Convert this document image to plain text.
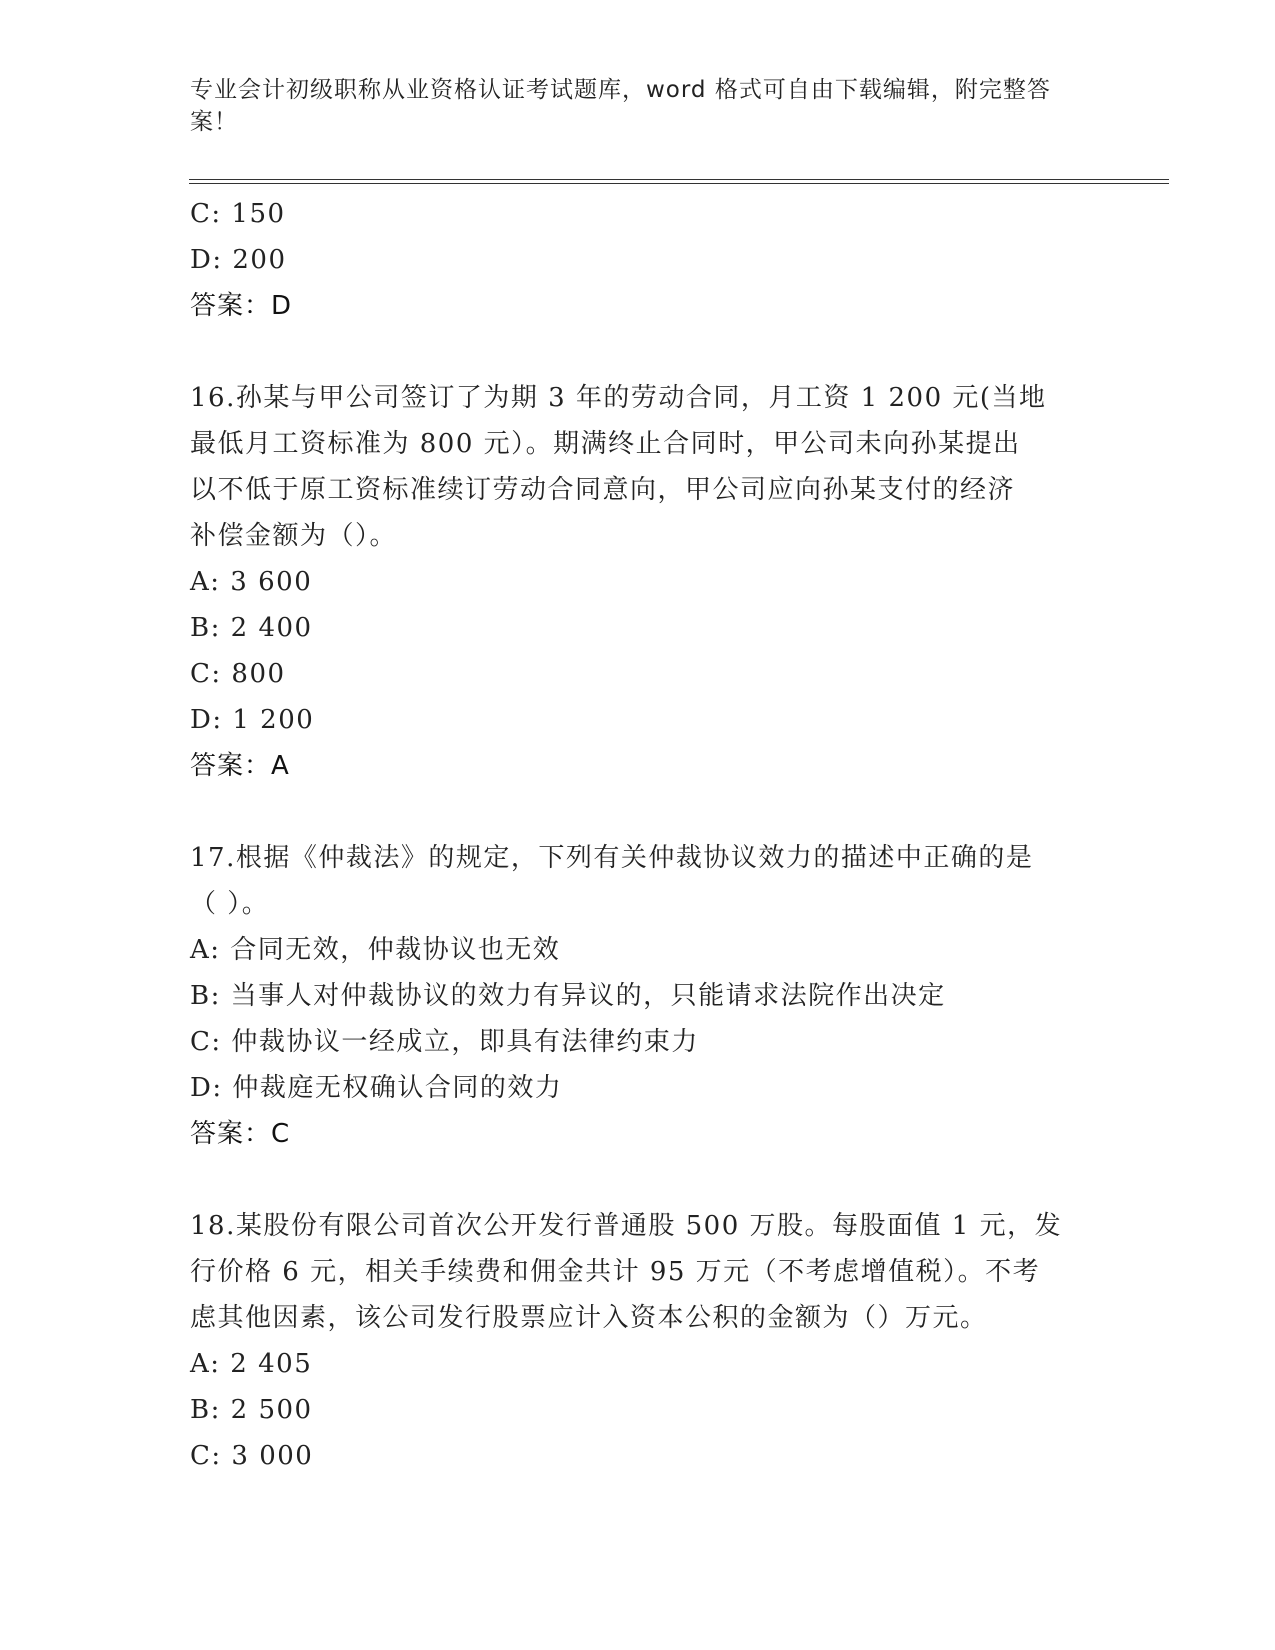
专业会计初级职称从业资格认证考试题库，word 格式可自由下载编辑，附完整答
案！
C: 150
D: 200
答案：D
16.孙某与甲公司签订了为期 3 年的劳动合同，月工资 1 200 元(当地
最低月工资标准为 800 元）。期满终止合同时，甲公司未向孙某提出
以不低于原工资标准续订劳动合同意向，甲公司应向孙某支付的经济
补偿金额为（）。
A: 3 600
B: 2 400
C: 800
D: 1 200
答案：A
17.根据《仲裁法》的规定，下列有关仲裁协议效力的描述中正确的是
（ ）。
A: 合同无效，仲裁协议也无效
B: 当事人对仲裁协议的效力有异议的，只能请求法院作出决定
C: 仲裁协议一经成立，即具有法律约束力
D: 仲裁庭无权确认合同的效力
答案：C
18.某股份有限公司首次公开发行普通股 500 万股。每股面值 1 元，发
行价格 6 元，相关手续费和佣金共计 95 万元（不考虑增值税）。不考
虑其他因素，该公司发行股票应计入资本公积的金额为（）万元。
A: 2 405
B: 2 500
C: 3 000
